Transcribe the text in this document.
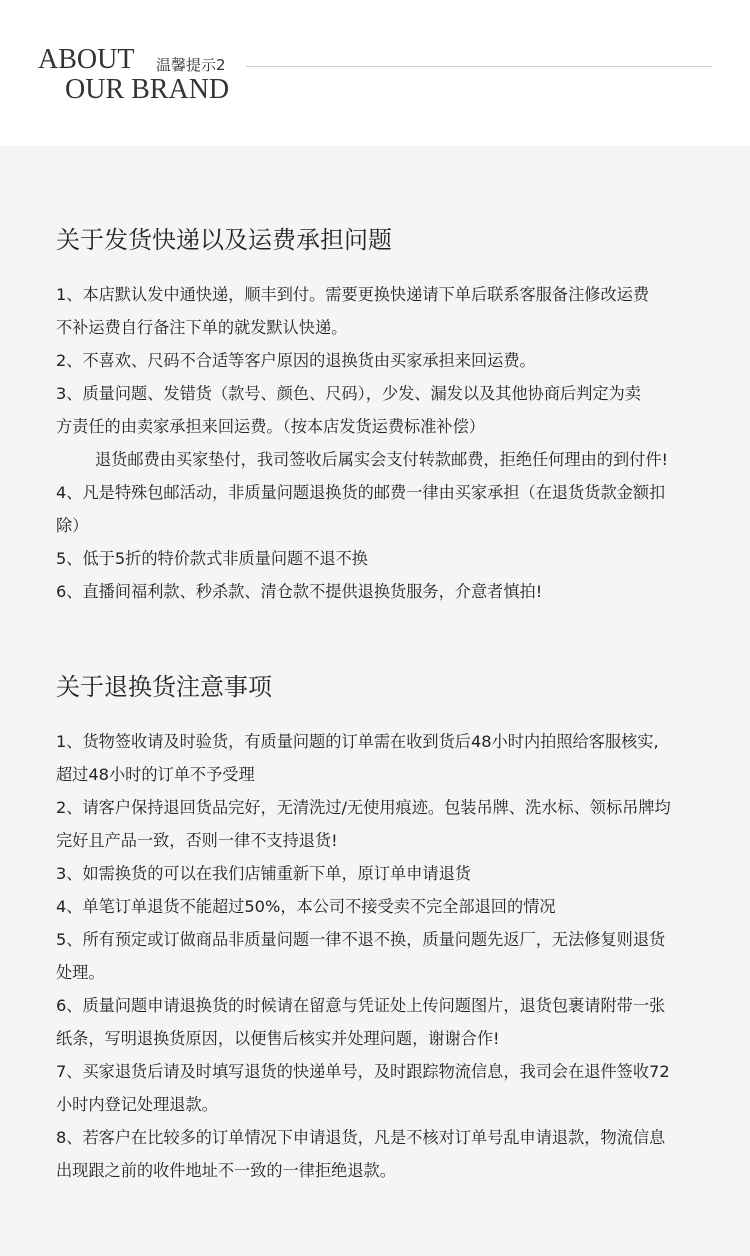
ABOUT
OUR BRAND
温馨提示2
关于发货快递以及运费承担问题
1、本店默认发中通快递，顺丰到付。需要更换快递请下单后联系客服备注修改运费
不补运费自行备注下单的就发默认快递。
2、不喜欢、尺码不合适等客户原因的退换货由买家承担来回运费。
3、质量问题、发错货（款号、颜色、尺码），少发、漏发以及其他协商后判定为卖
方责任的由卖家承担来回运费。（按本店发货运费标准补偿）
退货邮费由买家垫付，我司签收后属实会支付转款邮费，拒绝任何理由的到付件!
4、凡是特殊包邮活动，非质量问题退换货的邮费一律由买家承担（在退货货款金额扣
除）
5、低于5折的特价款式非质量问题不退不换
6、直播间福利款、秒杀款、清仓款不提供退换货服务，介意者慎拍!
关于退换货注意事项
1、货物签收请及时验货，有质量问题的订单需在收到货后48小时内拍照给客服核实,
超过48小时的订单不予受理
2、请客户保持退回货品完好，无清洗过/无使用痕迹。包装吊牌、洗水标、领标吊牌均
完好且产品一致，否则一律不支持退货!
3、如需换货的可以在我们店铺重新下单，原订单申请退货
4、单笔订单退货不能超过50%，本公司不接受卖不完全部退回的情况
5、所有预定或订做商品非质量问题一律不退不换，质量问题先返厂，无法修复则退货
处理。
6、质量问题申请退换货的时候请在留意与凭证处上传问题图片，退货包裹请附带一张
纸条，写明退换货原因，以便售后核实并处理问题，谢谢合作!
7、买家退货后请及时填写退货的快递单号，及时跟踪物流信息，我司会在退件签收72
小时内登记处理退款。
8、若客户在比较多的订单情况下申请退货，凡是不核对订单号乱申请退款，物流信息
出现跟之前的收件地址不一致的一律拒绝退款。
